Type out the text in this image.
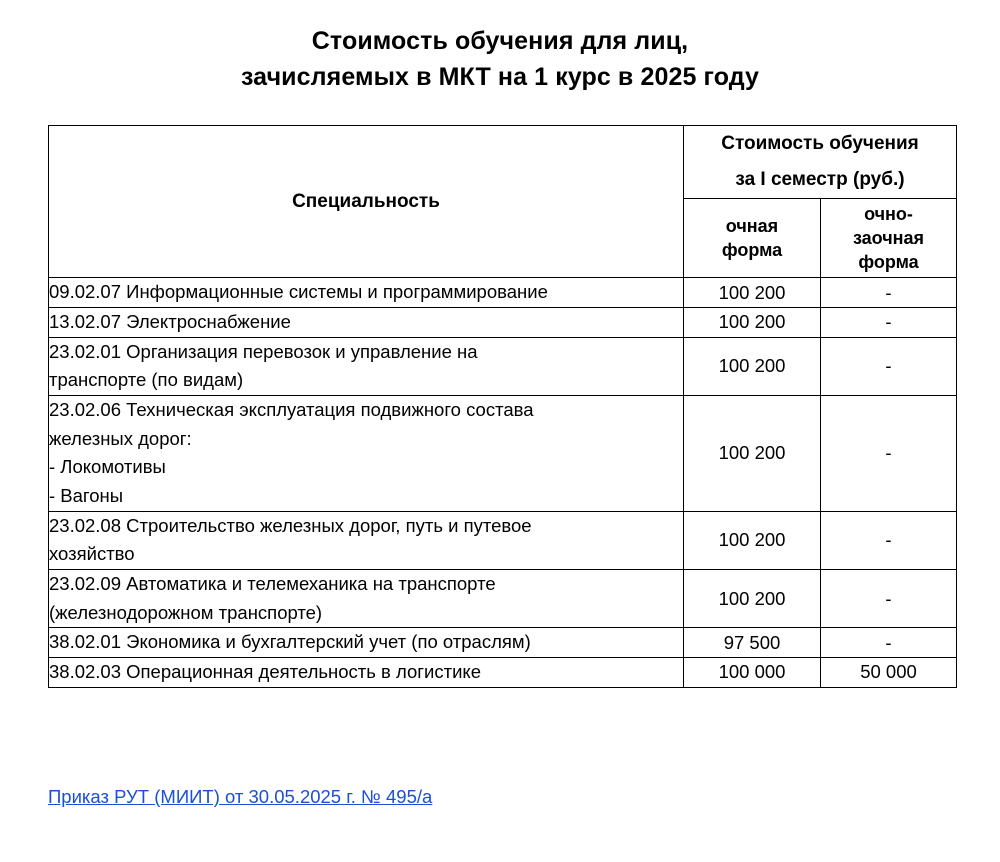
Стоимость обучения для лиц,
зачисляемых в МКТ на 1 курс в 2025 году
Специальность	Стоимость обучения
за I семестр (руб.)	

очная
форма

очно-
заочная
форма

09.02.07 Информационные системы и программирование	100 200	-

13.02.07 Электроснабжение	100 200	-

23.02.01 Организация перевозок и управление на
транспорте (по видам)	100 200	-

23.02.06 Техническая эксплуатация подвижного состава
железных дорог:
- Локомотивы
- Вагоны	100 200	-

23.02.08 Строительство железных дорог, путь и путевое
хозяйство	100 200	-

23.02.09 Автоматика и телемеханика на транспорте
(железнодорожном транспорте)	100 200	-

38.02.01 Экономика и бухгалтерский учет (по отраслям)	97 500	-

38.02.03 Операционная деятельность в логистике	100 000	50 000
Приказ РУТ (МИИТ) от 30.05.2025 г. № 495/а
